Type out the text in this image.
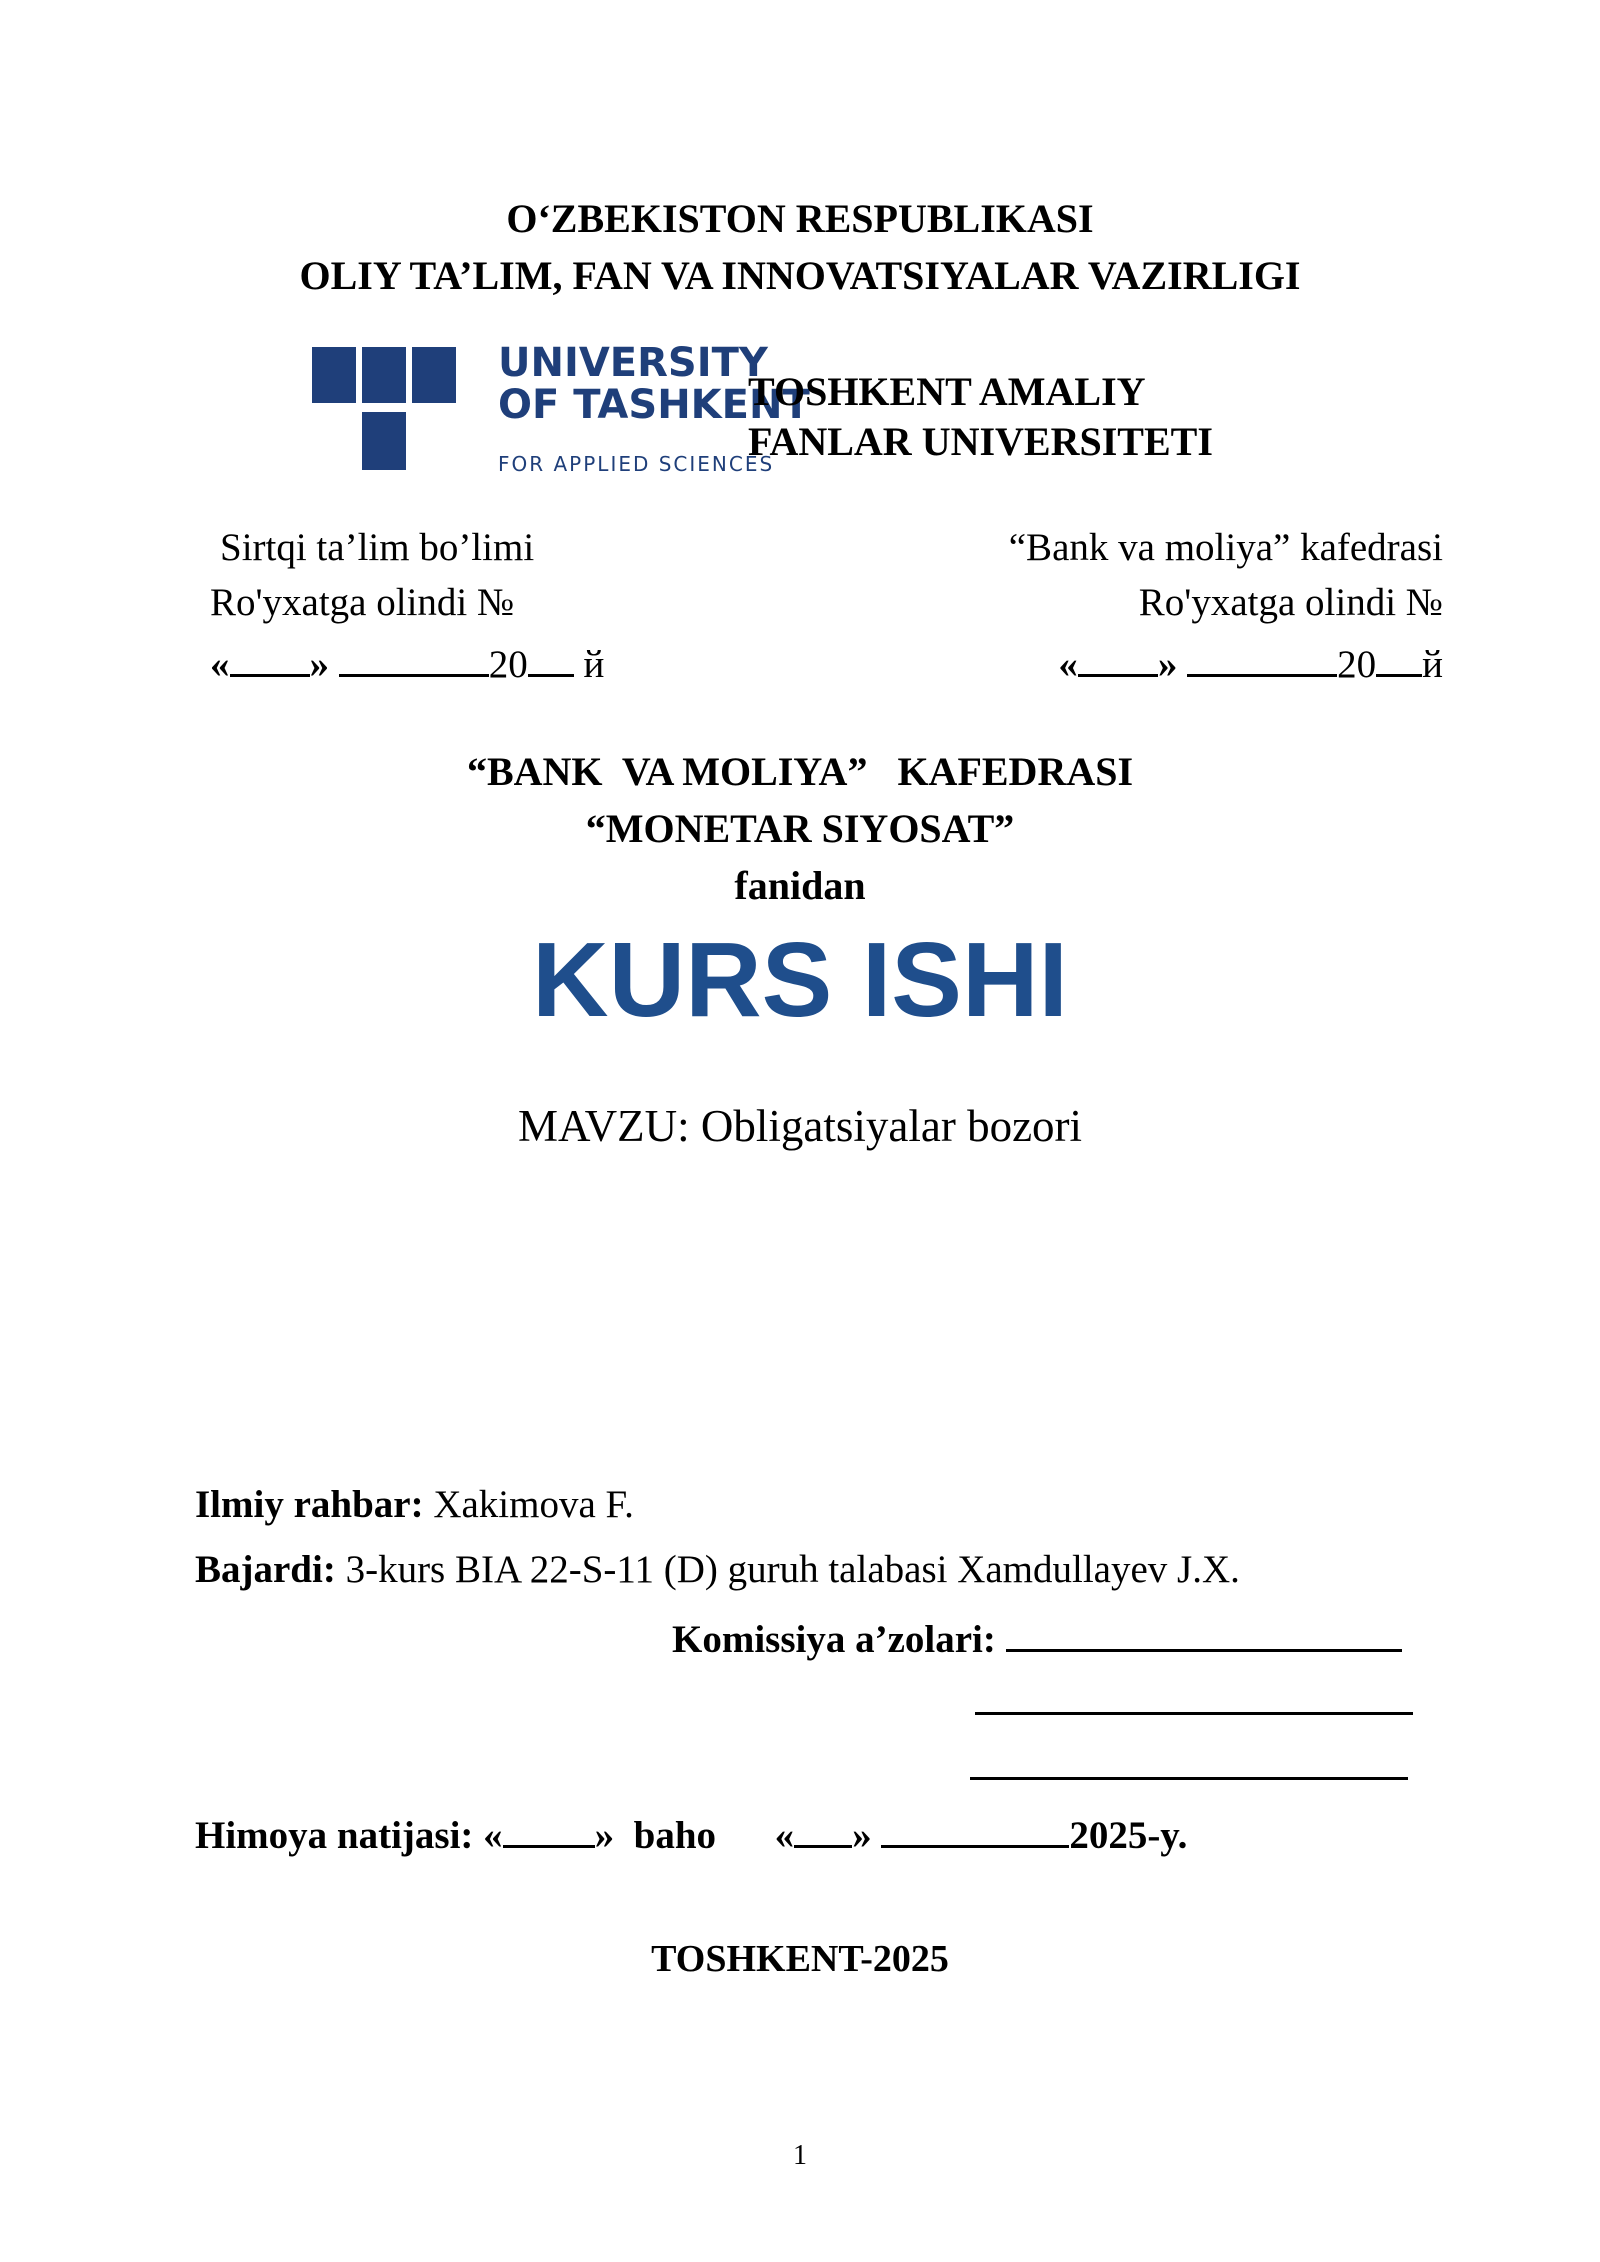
O‘ZBEKISTON RESPUBLIKASI
OLIY TA’LIM, FAN VA INNOVATSIYALAR VAZIRLIGI
UNIVERSITY
OF TASHKENT
FOR APPLIED SCIENCES
TOSHKENT AMALIY
FANLAR UNIVERSITETI
Sirtqi ta’lim bo’limi
Ro'yxatga olindi №
« »	20 й
“Bank va moliya” kafedrasi
Ro'yxatga olindi №
« »	20 й
“BANK  VA MOLIYA”   KAFEDRASI
“MONETAR SIYOSAT”
fanidan
KURS ISHI
MAVZU: Obligatsiyalar bozori
Ilmiy rahbar: Xakimova F.
Bajardi: 3-kurs BIA 22-S-11 (D) guruh talabasi Xamdullayev J.X.
Komissiya a’zolari:
Himoya natijasi: « »  baho « »	2025-y.
TOSHKENT-2025
1
